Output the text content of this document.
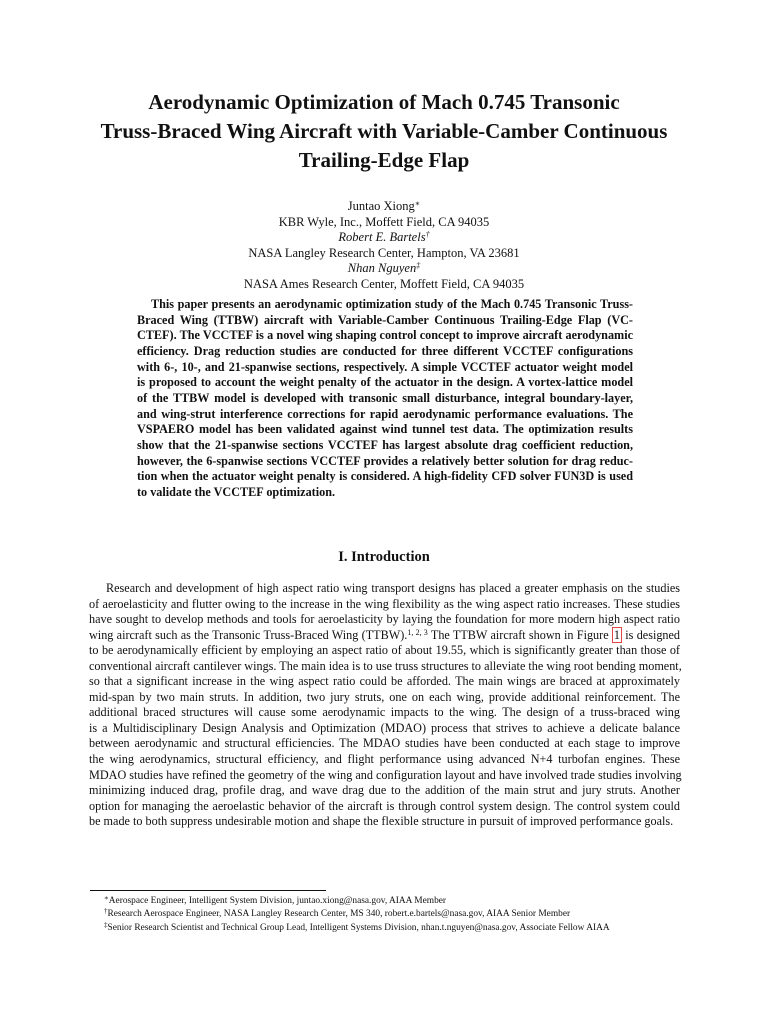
Aerodynamic Optimization of Mach 0.745 Transonic
Truss-Braced Wing Aircraft with Variable-Camber Continuous
Trailing-Edge Flap
Juntao Xiong∗
KBR Wyle, Inc., Moffett Field, CA 94035
Robert E. Bartels†
NASA Langley Research Center, Hampton, VA 23681
Nhan Nguyen‡
NASA Ames Research Center, Moffett Field, CA 94035
This paper presents an aerodynamic optimization study of the Mach 0.745 Transonic Truss-
Braced Wing (TTBW) aircraft with Variable-Camber Continuous Trailing-Edge Flap (VC-
CTEF). The VCCTEF is a novel wing shaping control concept to improve aircraft aerodynamic
efficiency. Drag reduction studies are conducted for three different VCCTEF configurations
with 6-, 10-, and 21-spanwise sections, respectively. A simple VCCTEF actuator weight model
is proposed to account the weight penalty of the actuator in the design. A vortex-lattice model
of the TTBW model is developed with transonic small disturbance, integral boundary-layer,
and wing-strut interference corrections for rapid aerodynamic performance evaluations. The
VSPAERO model has been validated against wind tunnel test data. The optimization results
show that the 21-spanwise sections VCCTEF has largest absolute drag coefficient reduction,
however, the 6-spanwise sections VCCTEF provides a relatively better solution for drag reduc-
tion when the actuator weight penalty is considered. A high-fidelity CFD solver FUN3D is used
to validate the VCCTEF optimization.
I. Introduction
Research and development of high aspect ratio wing transport designs has placed a greater emphasis on the studies
of aeroelasticity and flutter owing to the increase in the wing flexibility as the wing aspect ratio increases. These studies
have sought to develop methods and tools for aeroelasticity by laying the foundation for more modern high aspect ratio
wing aircraft such as the Transonic Truss-Braced Wing (TTBW).$^{1, 2, 3}$ The TTBW aircraft shown in Figure 1 is designed
to be aerodynamically efficient by employing an aspect ratio of about 19.55, which is significantly greater than those of
conventional aircraft cantilever wings. The main idea is to use truss structures to alleviate the wing root bending moment,
so that a significant increase in the wing aspect ratio could be afforded. The main wings are braced at approximately
mid-span by two main struts. In addition, two jury struts, one on each wing, provide additional reinforcement. The
additional braced structures will cause some aerodynamic impacts to the wing. The design of a truss-braced wing
is a Multidisciplinary Design Analysis and Optimization (MDAO) process that strives to achieve a delicate balance
between aerodynamic and structural efficiencies. The MDAO studies have been conducted at each stage to improve
the wing aerodynamics, structural efficiency, and flight performance using advanced N+4 turbofan engines. These
MDAO studies have refined the geometry of the wing and configuration layout and have involved trade studies involving
minimizing induced drag, profile drag, and wave drag due to the addition of the main strut and jury struts. Another
option for managing the aeroelastic behavior of the aircraft is through control system design. The control system could
be made to both suppress undesirable motion and shape the flexible structure in pursuit of improved performance goals.
∗Aerospace Engineer, Intelligent System Division, juntao.xiong@nasa.gov, AIAA Member
†Research Aerospace Engineer, NASA Langley Research Center, MS 340, robert.e.bartels@nasa.gov, AIAA Senior Member
‡Senior Research Scientist and Technical Group Lead, Intelligent Systems Division, nhan.t.nguyen@nasa.gov, Associate Fellow AIAA
